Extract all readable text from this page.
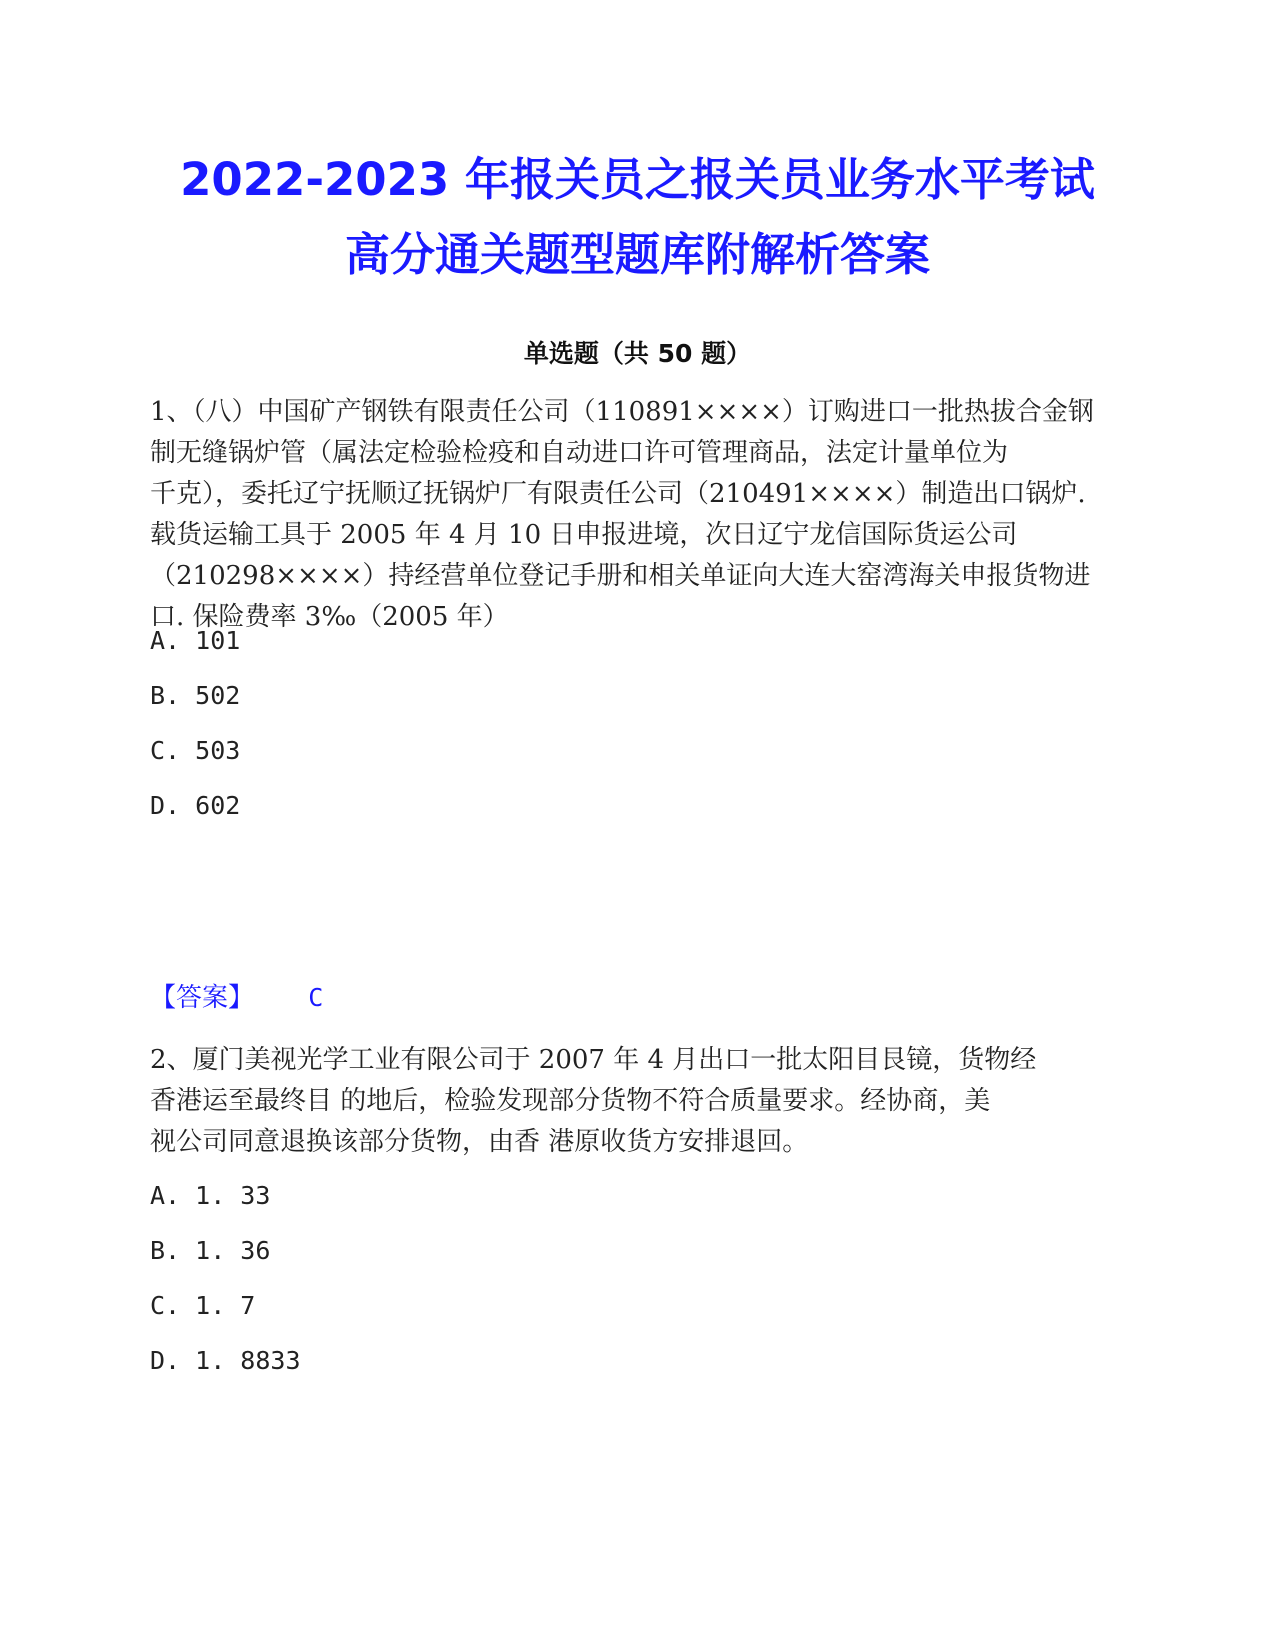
2022-2023 年报关员之报关员业务水平考试
高分通关题型题库附解析答案
单选题（共 50 题）
1、（八）中国矿产钢铁有限责任公司（110891××××）订购进口一批热拔合金钢
制无缝锅炉管（属法定检验检疫和自动进口许可管理商品，法定计量单位为
千克），委托辽宁抚顺辽抚锅炉厂有限责任公司（210491××××）制造出口锅炉.
载货运输工具于 2005 年 4 月 10 日申报进境，次日辽宁龙信国际货运公司
（210298××××）持经营单位登记手册和相关单证向大连大窑湾海关申报货物进
口. 保险费率 3‰（2005 年）
A. 101
B. 502
C. 503
D. 602
【答案】 C
2、厦门美视光学工业有限公司于 2007 年 4 月出口一批太阳目艮镜，货物经
香港运至最终目 的地后，检验发现部分货物不符合质量要求。经协商，美
视公司同意退换该部分货物，由香 港原收货方安排退回。
A. 1. 33
B. 1. 36
C. 1. 7
D. 1. 8833
